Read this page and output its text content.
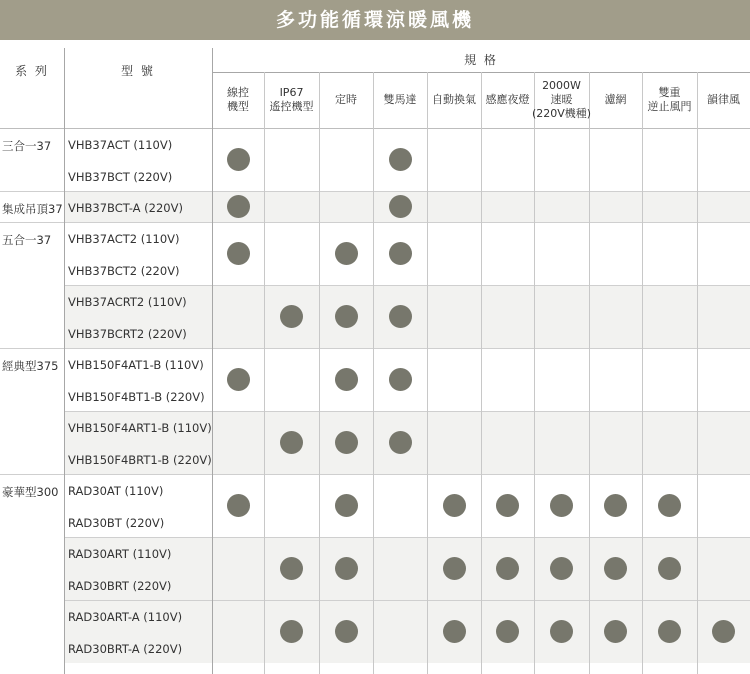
多功能循環涼暖風機
系 列	型 號
規 格
線控
機型
IP67
遙控機型
定時 雙馬達 自動換氣 感應夜燈
2000W
速暖
(220V機種)
濾網
雙重
逆止風門
韻律風
三合一37 VHB37ACT (110V)
VHB37BCT (220V)
集成吊頂37 VHB37BCT-A (220V)
五合一37 VHB37ACT2 (110V)
VHB37BCT2 (220V)
VHB37ACRT2 (110V)
VHB37BCRT2 (220V)
經典型375 VHB150F4AT1-B (110V)
VHB150F4BT1-B (220V)
VHB150F4ART1-B (110V)
VHB150F4BRT1-B (220V)
豪華型300 RAD30AT (110V)
RAD30BT (220V)
RAD30ART (110V)
RAD30BRT (220V)
RAD30ART-A (110V)
RAD30BRT-A (220V)
